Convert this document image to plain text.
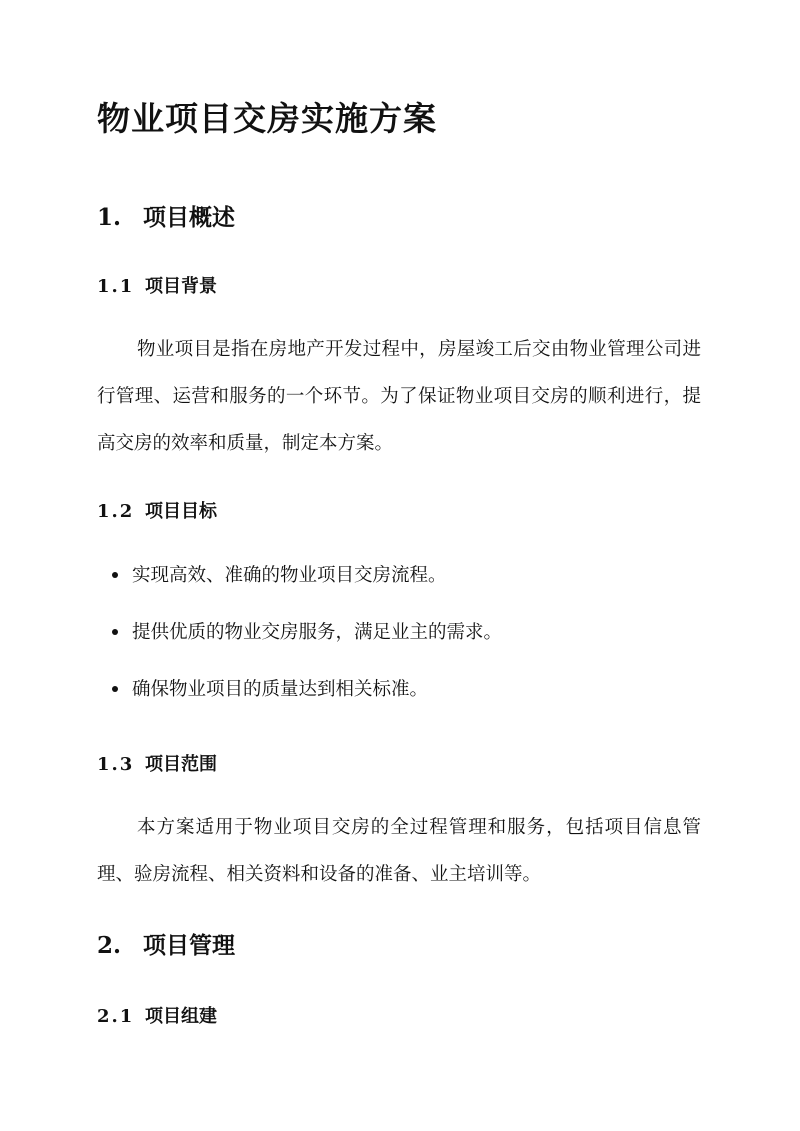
物业项目交房实施方案
1. 项目概述
1.1 项目背景

物业项目是指在房地产开发过程中，房屋竣工后交由物业管理公司进行管理、运营和服务的一个环节。为了保证物业项目交房的顺利进行，提高交房的效率和质量，制定本方案。

1.2 项目目标
实现高效、准确的物业项目交房流程。
提供优质的物业交房服务，满足业主的需求。
确保物业项目的质量达到相关标准。
1.3 项目范围

本方案适用于物业项目交房的全过程管理和服务，包括项目信息管理、验房流程、相关资料和设备的准备、业主培训等。

2. 项目管理
2.1 项目组建
